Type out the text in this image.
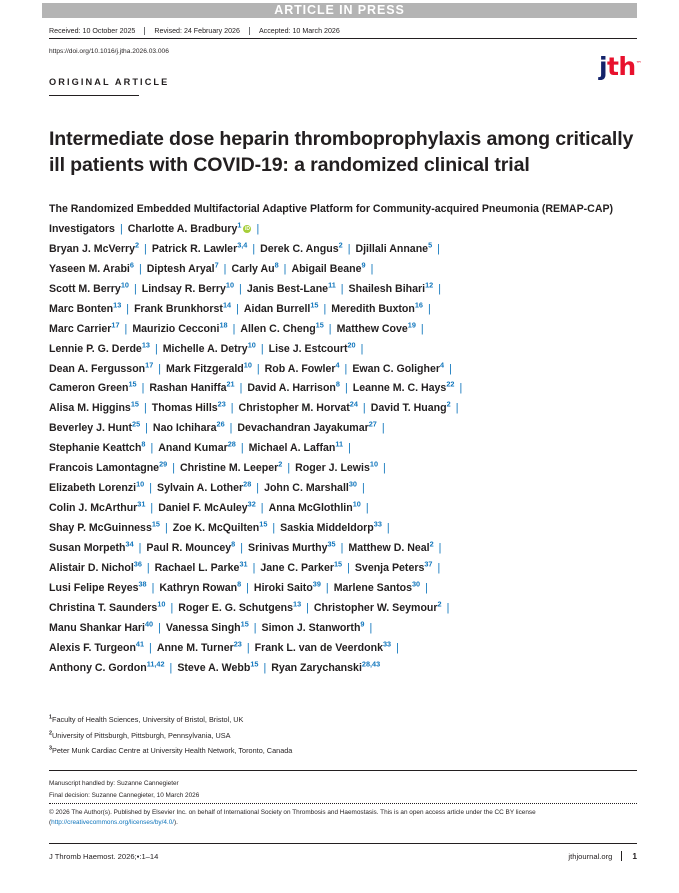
ARTICLE IN PRESS
Received: 10 October 2025	Revised: 24 February 2026	Accepted: 10 March 2026
https://doi.org/10.1016/j.jtha.2026.03.006
jth™
ORIGINAL ARTICLE
Intermediate dose heparin thromboprophylaxis among critically ill patients with COVID-19: a randomized clinical trial
The Randomized Embedded Multifactorial Adaptive Platform for Community-acquired Pneumonia (REMAP-CAP) Investigators | Charlotte A. Bradbury$^1$ iD |
Bryan J. McVerry$^2$ | Patrick R. Lawler$^{3,4}$ | Derek C. Angus$^2$ | Djillali Annane$^5$ |
Yaseen M. Arabi$^6$ | Diptesh Aryal$^7$ | Carly Au$^8$ | Abigail Beane$^9$ |
Scott M. Berry$^{10}$ | Lindsay R. Berry$^{10}$ | Janis Best-Lane$^{11}$ | Shailesh Bihari$^{12}$ |
Marc Bonten$^{13}$ | Frank Brunkhorst$^{14}$ | Aidan Burrell$^{15}$ | Meredith Buxton$^{16}$ |
Marc Carrier$^{17}$ | Maurizio Cecconi$^{18}$ | Allen C. Cheng$^{15}$ | Matthew Cove$^{19}$ |
Lennie P. G. Derde$^{13}$ | Michelle A. Detry$^{10}$ | Lise J. Estcourt$^{20}$ |
Dean A. Fergusson$^{17}$ | Mark Fitzgerald$^{10}$ | Rob A. Fowler$^4$ | Ewan C. Goligher$^4$ |
Cameron Green$^{15}$ | Rashan Haniffa$^{21}$ | David A. Harrison$^8$ | Leanne M. C. Hays$^{22}$ |
Alisa M. Higgins$^{15}$ | Thomas Hills$^{23}$ | Christopher M. Horvat$^{24}$ | David T. Huang$^2$ |
Beverley J. Hunt$^{25}$ | Nao Ichihara$^{26}$ | Devachandran Jayakumar$^{27}$ |
Stephanie Keattch$^8$ | Anand Kumar$^{28}$ | Michael A. Laffan$^{11}$ |
Francois Lamontagne$^{29}$ | Christine M. Leeper$^2$ | Roger J. Lewis$^{10}$ |
Elizabeth Lorenzi$^{10}$ | Sylvain A. Lother$^{28}$ | John C. Marshall$^{30}$ |
Colin J. McArthur$^{31}$ | Daniel F. McAuley$^{32}$ | Anna McGlothlin$^{10}$ |
Shay P. McGuinness$^{15}$ | Zoe K. McQuilten$^{15}$ | Saskia Middeldorp$^{33}$ |
Susan Morpeth$^{34}$ | Paul R. Mouncey$^8$ | Srinivas Murthy$^{35}$ | Matthew D. Neal$^2$ |
Alistair D. Nichol$^{36}$ | Rachael L. Parke$^{31}$ | Jane C. Parker$^{15}$ | Svenja Peters$^{37}$ |
Lusi Felipe Reyes$^{38}$ | Kathryn Rowan$^8$ | Hiroki Saito$^{39}$ | Marlene Santos$^{30}$ |
Christina T. Saunders$^{10}$ | Roger E. G. Schutgens$^{13}$ | Christopher W. Seymour$^2$ |
Manu Shankar Hari$^{40}$ | Vanessa Singh$^{15}$ | Simon J. Stanworth$^9$ |
Alexis F. Turgeon$^{41}$ | Anne M. Turner$^{23}$ | Frank L. van de Veerdonk$^{33}$ |
Anthony C. Gordon$^{11,42}$ | Steve A. Webb$^{15}$ | Ryan Zarychanski$^{28,43}$
$^1$Faculty of Health Sciences, University of Bristol, Bristol, UK
$^2$University of Pittsburgh, Pittsburgh, Pennsylvania, USA
$^3$Peter Munk Cardiac Centre at University Health Network, Toronto, Canada
Manuscript handled by: Suzanne Cannegieter
Final decision: Suzanne Cannegieter, 10 March 2026
© 2026 The Author(s). Published by Elsevier Inc. on behalf of International Society on Thrombosis and Haemostasis. This is an open access article under the CC BY license (http://creativecommons.org/licenses/by/4.0/).
J Thromb Haemost. 2026;▪:1–14	jthjournal.org	1
